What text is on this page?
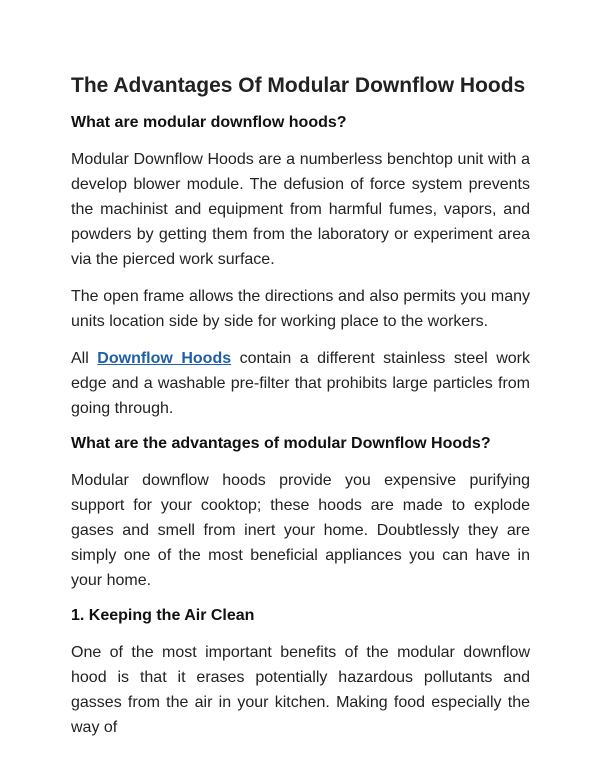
The Advantages Of Modular Downflow Hoods
What are modular downflow hoods?

Modular Downflow Hoods are a numberless benchtop unit with a develop blower module. The defusion of force system prevents the machinist and equipment from harmful fumes, vapors, and powders by getting them from the laboratory or experiment area via the pierced work surface.

The open frame allows the directions and also permits you many units location side by side for working place to the workers.

All Downflow Hoods contain a different stainless steel work edge and a washable pre-filter that prohibits large particles from going through.

What are the advantages of modular Downflow Hoods?

Modular downflow hoods provide you expensive purifying support for your cooktop; these hoods are made to explode gases and smell from inert your home. Doubtlessly they are simply one of the most beneficial appliances you can have in your home.

1. Keeping the Air Clean

One of the most important benefits of the modular downflow hood is that it erases potentially hazardous pollutants and gasses from the air in your kitchen. Making food especially the way of
